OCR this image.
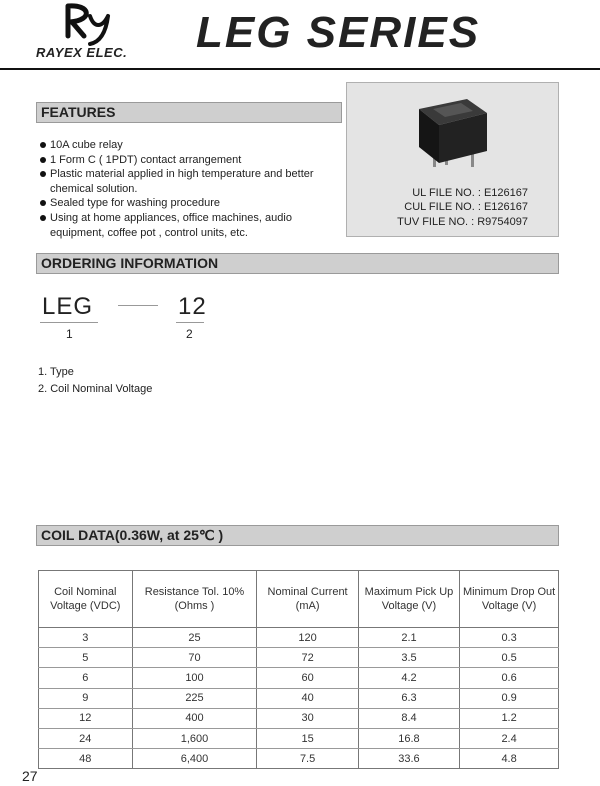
RAYEX ELEC. LEG SERIES
FEATURES
10A cube relay
1 Form C ( 1PDT) contact arrangement
Plastic material applied in high temperature and better chemical solution.
Sealed type for washing procedure
Using at home appliances, office machines, audio equipment, coffee pot , control units, etc.
UL FILE NO. : E126167
CUL FILE NO. : E126167
TUV FILE NO. : R9754097
ORDERING INFORMATION
LEG	12
1	2
1. Type
2. Coil Nominal Voltage
COIL DATA(0.36W, at 25℃ )
Coil Nominal Voltage (VDC)	Resistance Tol. 10% (Ohms )	Nominal Current (mA)	Maximum Pick Up Voltage (V)	Minimum Drop Out Voltage (V)
3	25	120	2.1	0.3
5	70	72	3.5	0.5
6	100	60	4.2	0.6
9	225	40	6.3	0.9
12	400	30	8.4	1.2
24	1,600	15	16.8	2.4
48	6,400	7.5	33.6	4.8
27
